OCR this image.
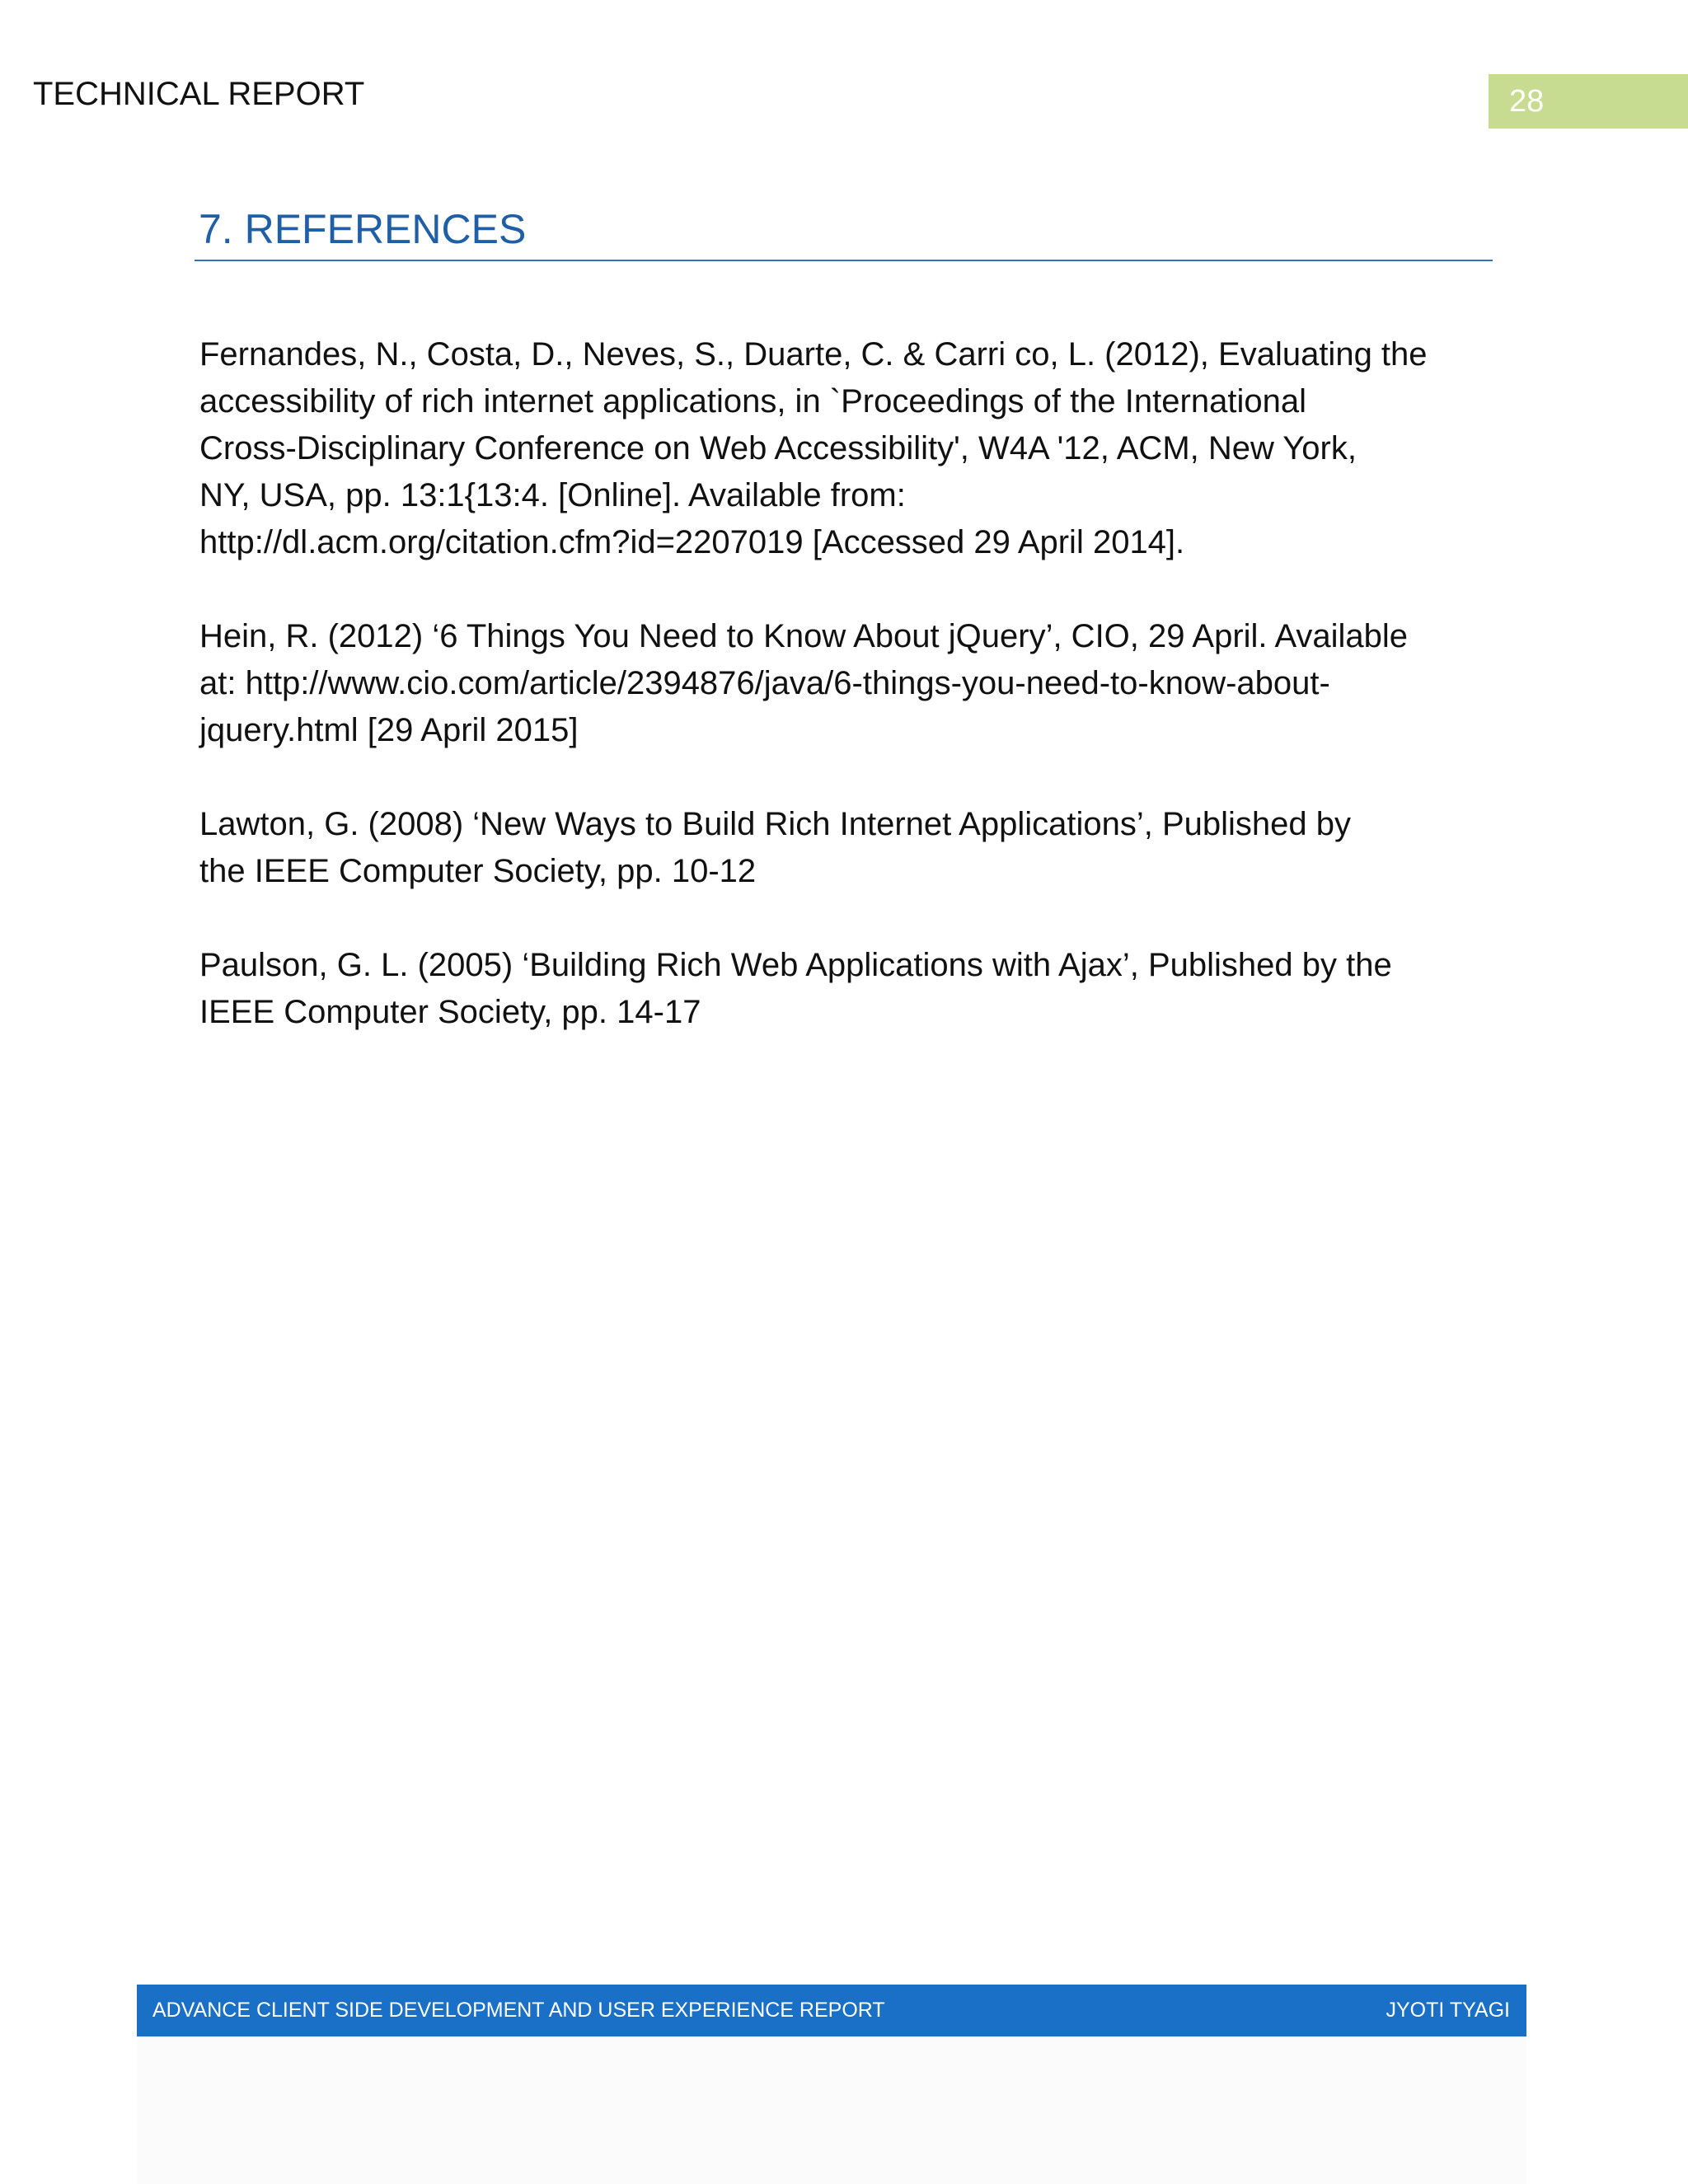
TECHNICAL REPORT	28
7. REFERENCES

Fernandes, N., Costa, D., Neves, S., Duarte, C. & Carri co, L. (2012), Evaluating the
accessibility of rich internet applications, in `Proceedings of the International
Cross-Disciplinary Conference on Web Accessibility', W4A '12, ACM, New York,
NY, USA, pp. 13:1{13:4. [Online]. Available from:
http://dl.acm.org/citation.cfm?id=2207019 [Accessed 29 April 2014].

Hein, R. (2012) ‘6 Things You Need to Know About jQuery’, CIO, 29 April. Available
at: http://www.cio.com/article/2394876/java/6-things-you-need-to-know-about-
jquery.html [29 April 2015]

Lawton, G. (2008) ‘New Ways to Build Rich Internet Applications’, Published by
the IEEE Computer Society, pp. 10-12

Paulson, G. L. (2005) ‘Building Rich Web Applications with Ajax’, Published by the
IEEE Computer Society, pp. 14-17

ADVANCE CLIENT SIDE DEVELOPMENT AND USER EXPERIENCE REPORT	JYOTI TYAGI
